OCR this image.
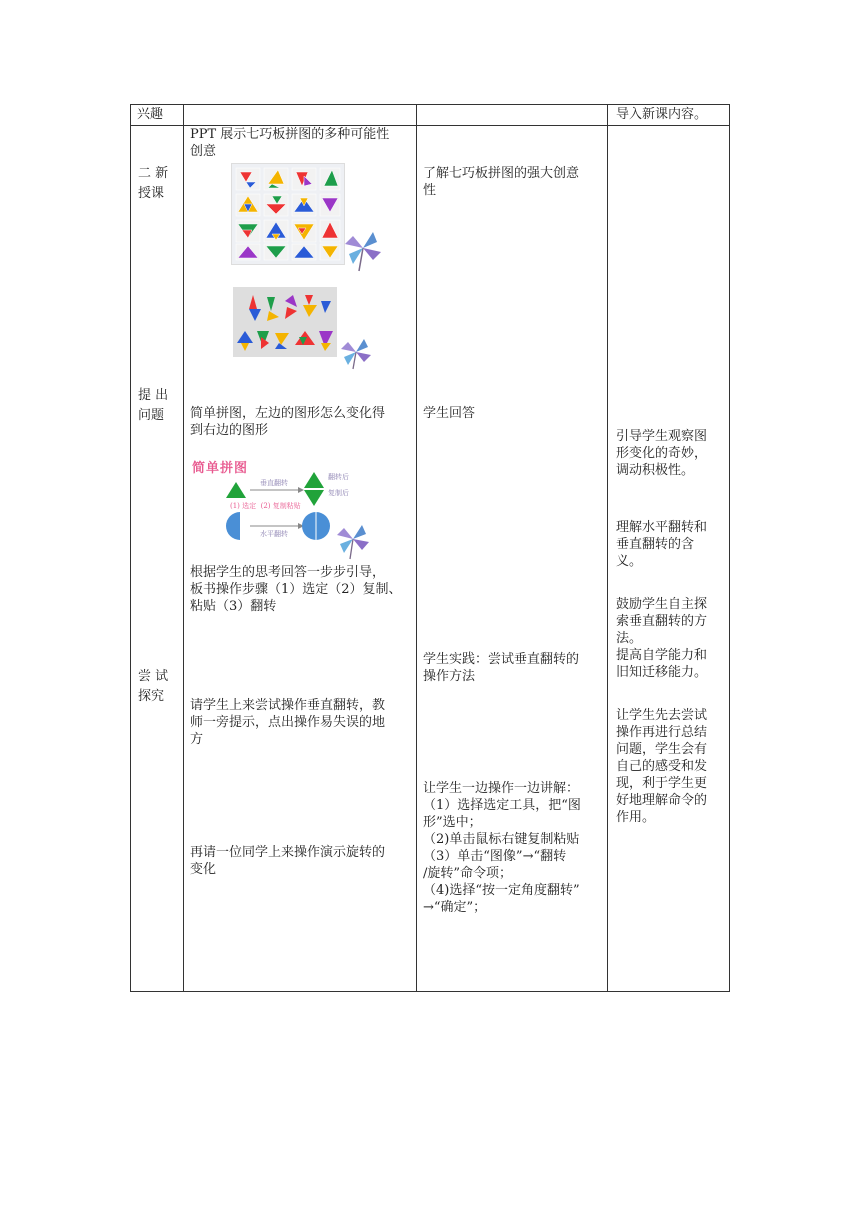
兴趣	导入新课内容。
二 新
授课
提 出
问题
尝 试
探究
PPT 展示七巧板拼图的多种可能性
创意
简单拼图，左边的图形怎么变化得
到右边的图形
简单拼图
垂直翻转
翻转后
复制后
(1) 选定  (2) 复制粘贴
水平翻转
根据学生的思考回答一步步引导，
板书操作步骤（1）选定（2）复制、
粘贴（3）翻转
请学生上来尝试操作垂直翻转，教
师一旁提示，点出操作易失误的地
方
再请一位同学上来操作演示旋转的
变化
了解七巧板拼图的强大创意
性
学生回答
学生实践：尝试垂直翻转的
操作方法
让学生一边操作一边讲解：
（1）选择选定工具，把“图
形”选中；
（2)单击鼠标右键复制粘贴
（3）单击“图像”→“翻转
/旋转”命令项；
（4)选择“按一定角度翻转”
→“确定”；
引导学生观察图
形变化的奇妙，
调动积极性。
理解水平翻转和
垂直翻转的含
义。
鼓励学生自主探
索垂直翻转的方
法。
提高自学能力和
旧知迁移能力。
让学生先去尝试
操作再进行总结
问题，学生会有
自己的感受和发
现，利于学生更
好地理解命令的
作用。
